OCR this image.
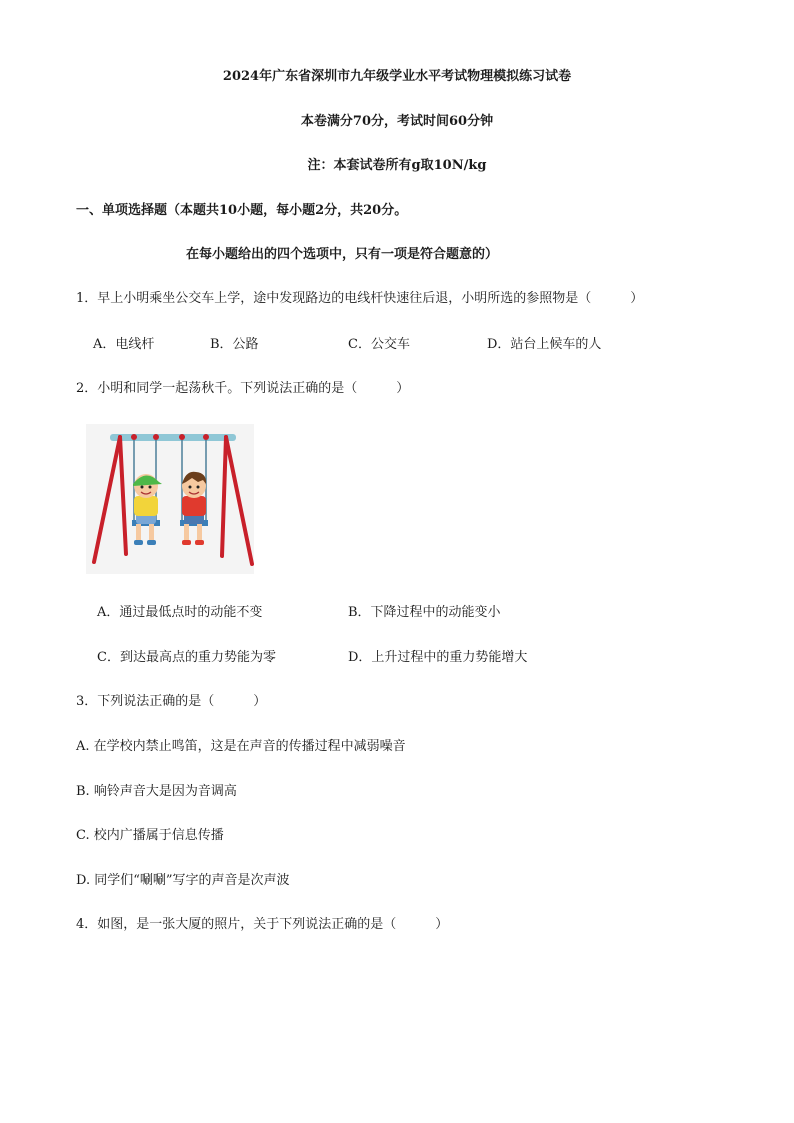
2024年广东省深圳市九年级学业水平考试物理模拟练习试卷
本卷满分70分，考试时间60分钟
注：本套试卷所有g取10N/kg
一、单项选择题（本题共10小题，每小题2分，共20分。
在每小题给出的四个选项中，只有一项是符合题意的）
1．早上小明乘坐公交车上学，途中发现路边的电线杆快速往后退，小明所选的参照物是（　　　）
A．电线杆	B．公路	C．公交车	D．站台上候车的人
2．小明和同学一起荡秋千。下列说法正确的是（　　　）
A．通过最低点时的动能不变	B．下降过程中的动能变小
C．到达最高点的重力势能为零	D．上升过程中的重力势能增大
3．下列说法正确的是（　　　）
A. 在学校内禁止鸣笛，这是在声音的传播过程中减弱噪音
B. 响铃声音大是因为音调高
C. 校内广播属于信息传播
D. 同学们“唰唰”写字的声音是次声波
4．如图，是一张大厦的照片，关于下列说法正确的是（　　　）
